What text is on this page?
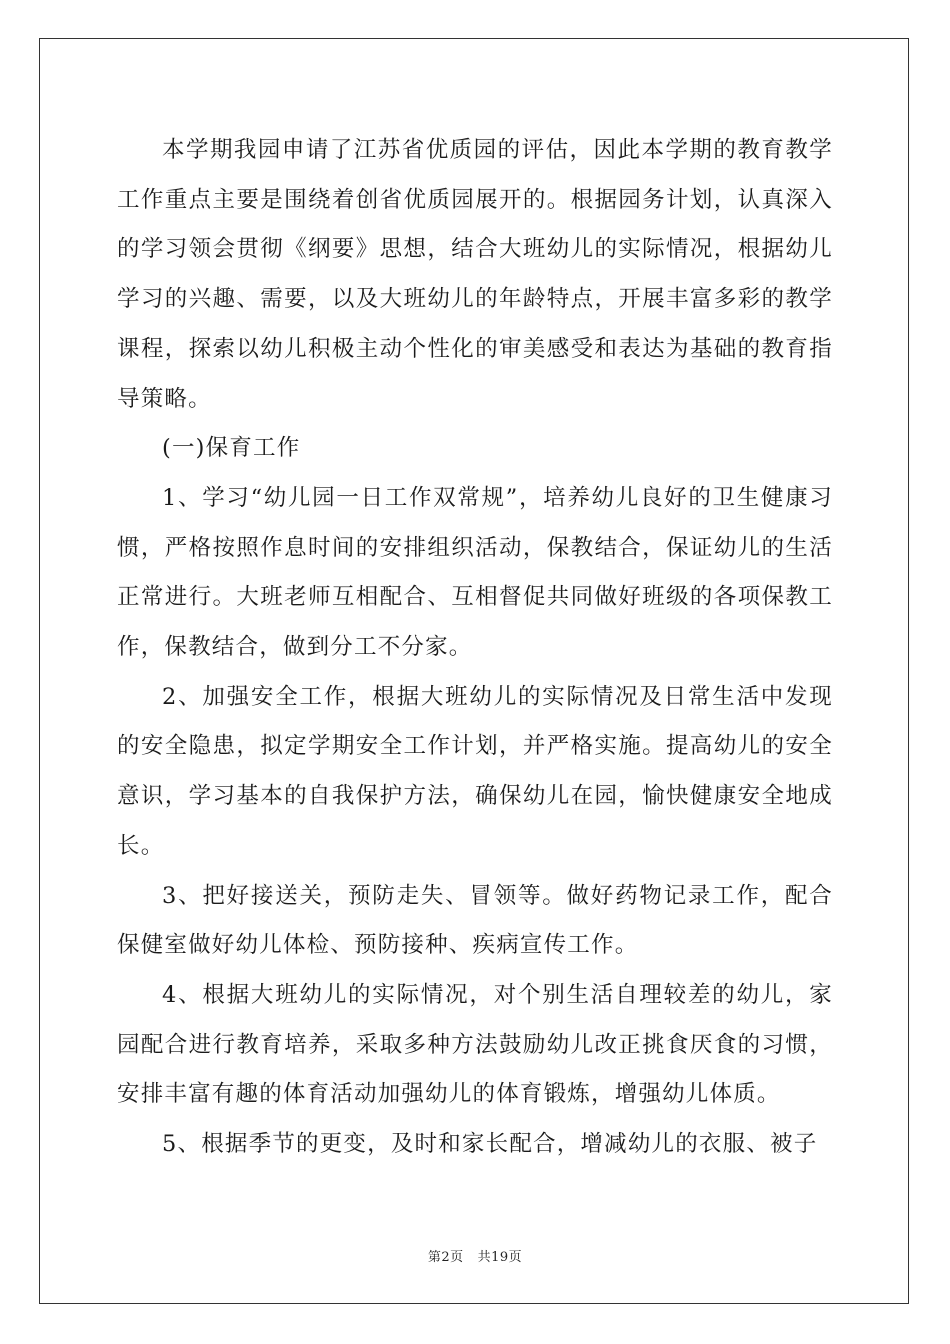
本学期我园申请了江苏省优质园的评估，因此本学期的教育教学工作重点主要是围绕着创省优质园展开的。根据园务计划，认真深入的学习领会贯彻《纲要》思想，结合大班幼儿的实际情况，根据幼儿学习的兴趣、需要，以及大班幼儿的年龄特点，开展丰富多彩的教学课程，探索以幼儿积极主动个性化的审美感受和表达为基础的教育指导策略。

(一)保育工作

1、学习“幼儿园一日工作双常规”，培养幼儿良好的卫生健康习惯，严格按照作息时间的安排组织活动，保教结合，保证幼儿的生活正常进行。大班老师互相配合、互相督促共同做好班级的各项保教工作，保教结合，做到分工不分家。

2、加强安全工作，根据大班幼儿的实际情况及日常生活中发现的安全隐患，拟定学期安全工作计划，并严格实施。提高幼儿的安全意识，学习基本的自我保护方法，确保幼儿在园，愉快健康安全地成长。

3、把好接送关，预防走失、冒领等。做好药物记录工作，配合保健室做好幼儿体检、预防接种、疾病宣传工作。

4、根据大班幼儿的实际情况，对个别生活自理较差的幼儿，家园配合进行教育培养，采取多种方法鼓励幼儿改正挑食厌食的习惯，安排丰富有趣的体育活动加强幼儿的体育锻炼，增强幼儿体质。

5、根据季节的更变，及时和家长配合，增减幼儿的衣服、被子

第2页 共19页
